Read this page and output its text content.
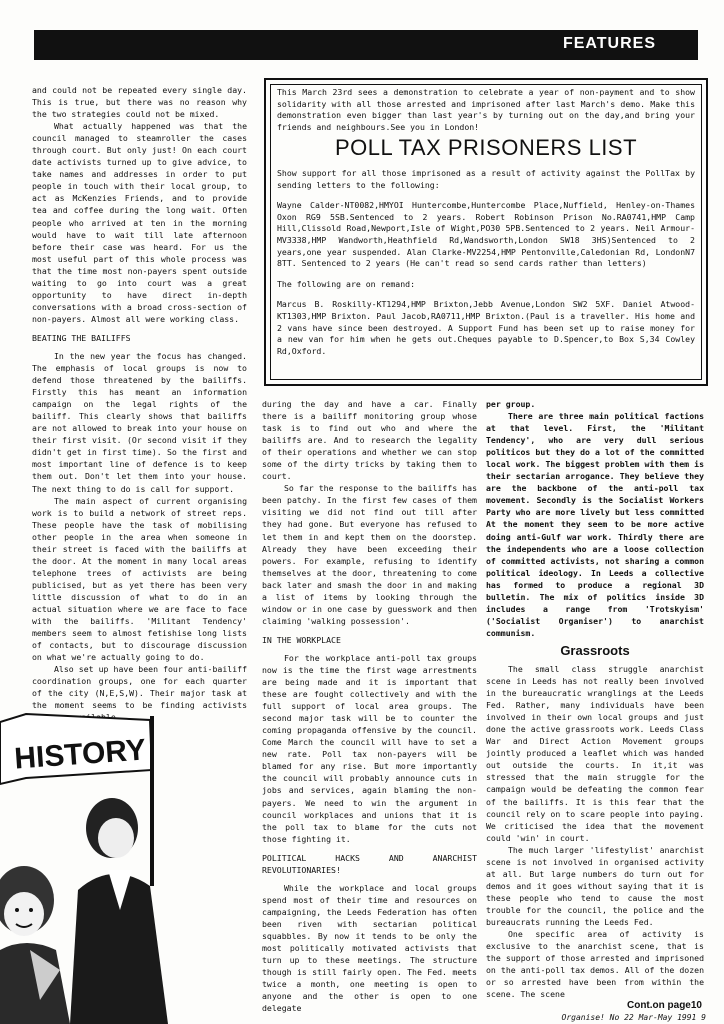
FEATURES

and could not be repeated every single day. This is true, but there was no reason why the two strategies could not be mixed.

What actually happened was that the council managed to steamroller the cases through court. But only just! On each court date activists turned up to give advice, to take names and addresses in order to put people in touch with their local group, to act as McKenzies Friends, and to provide tea and coffee during the long wait. Often people who arrived at ten in the morning would have to wait till late afternoon before their case was heard. For us the most useful part of this whole process was that the time most non-payers spent outside waiting to go into court was a great opportunity to have direct in-depth conversations with a broad cross-section of non-payers. Almost all were working class.

BEATING THE BAILIFFS

In the new year the focus has changed. The emphasis of local groups is now to defend those threatened by the bailiffs. Firstly this has meant an information campaign on the legal rights of the bailiff. This clearly shows that bailiffs are not allowed to break into your house on their first visit. (Or second visit if they didn't get in first time). So the first and most important line of defence is to keep them out. Don't let them into your house. The next thing to do is call for support.

The main aspect of current organising work is to build a network of street reps. These people have the task of mobilising other people in the area when someone in their street is faced with the bailiffs at the door. At the moment in many local areas telephone trees of activists are being publicised, but as yet there has been very little discussion of what to do in an actual situation where we are face to face with the bailiffs. 'Militant Tendency' members seem to almost fetishise long lists of contacts, but to discourage discussion on what we're actually going to do.

Also set up have been four anti-bailiff coordination groups, one for each quarter of the city (N,E,S,W). Their major task at the moment seems to be finding activists

This March 23rd sees a demonstration to celebrate a year of non-payment and to show solidarity with all those arrested and imprisoned after last March's demo. Make this demonstration even bigger than last year's by turning out on the day,and bring your friends and neighbours.See you in London!

POLL TAX PRISONERS LIST

Show support for all those imprisoned as a result of activity against the PollTax by sending letters to the following:

Wayne Calder-NT0082,HMYOI Huntercombe,Huntercombe Place,Nuffield, Henley-on-Thames Oxon RG9 5SB.Sentenced to 2 years. Robert Robinson Prison No.RA0741,HMP Camp Hill,Clissold Road,Newport,Isle of Wight,PO30 5PB.Sentenced to 2 years. Neil Armour-MV3338,HMP Wandworth,Heathfield Rd,Wandsworth,London SW18 3HS)Sentenced to 2 years,one year suspended. Alan Clarke-MV2254,HMP Pentonville,Caledonian Rd, LondonN7 8TT. Sentenced to 2 years (He can't read so send cards rather than letters)

The following are on remand:

Marcus B. Roskilly-KT1294,HMP Brixton,Jebb Avenue,London SW2 5XF. Daniel Atwood-KT1303,HMP Brixton. Paul Jacob,RA0711,HMP Brixton.(Paul is a traveller. His home and 2 vans have since been destroyed. A Support Fund has been set up to raise money for a new van for him when he gets out.Cheques payable to D.Spencer,to Box S,34 Cowley Rd,Oxford.

during the day and have a car. Finally there is a bailiff monitoring group whose task is to find out who and where the bailiffs are. And to research the legality of their operations and whether we can stop some of the dirty tricks by taking them to court.

So far the response to the bailiffs has been patchy. In the first few cases of them visiting we did not find out till after they had gone. But everyone has refused to let them in and kept them on the doorstep. Already they have been exceeding their powers. For example, refusing to identify themselves at the door, threatening to come back later and smash the door in and making a list of items by looking through the window or in one case by guesswork and then claiming 'walking possession'.

IN THE WORKPLACE

For the workplace anti-poll tax groups now is the time the first wage arrestments are being made and it is important that these are fought collectively and with the full support of local area groups. The second major task will be to counter the coming propaganda offensive by the council. Come March the council will have to set a new rate. Poll tax non-payers will be blamed for any rise. But more importantly the council will probably announce cuts in jobs and services, again blaming the non-payers. We need to win the argument in council workplaces and unions that it is the poll tax to blame for the cuts not those fighting it.

POLITICAL HACKS AND ANARCHIST REVOLUTIONARIES!

While the workplace and local groups spend most of their time and resources on campaigning, the Leeds Federation has often been riven with sectarian political squabbles. By now it tends to be only the most politically motivated activists that turn up to these meetings. The structure though is still fairly open. The Fed. meets twice a month, one meeting is open to anyone and the other is open to one delegate

per group.

There are three main political factions at that level. First, the 'Militant Tendency', who are very dull serious politicos but they do a lot of the committed local work. The biggest problem with them is their sectarian arrogance. They believe they are the backbone of the anti-poll tax movement. Secondly is the Socialist Workers Party who are more lively but less committed At the moment they seem to be more active doing anti-Gulf war work. Thirdly there are the independents who are a loose collection of committed activists, not sharing a common political ideology. In Leeds a collective has formed to produce a regional 3D bulletin. The mix of politics inside 3D includes a range from 'Trotskyism' ('Socialist Organiser') to anarchist communism.

Grassroots

The small class struggle anarchist scene in Leeds has not really been involved in the bureaucratic wranglings at the Leeds Fed. Rather, many individuals have been involved in their own local groups and just done the active grassroots work. Leeds Class War and Direct Action Movement groups jointly produced a leaflet which was handed out outside the courts. In it,it was stressed that the main struggle for the campaign would be defeating the common fear of the bailiffs. It is this fear that the council rely on to scare people into paying. We criticised the idea that the movement could 'win' in court.

The much larger 'lifestylist' anarchist scene is not involved in organised activity at all. But large numbers do turn out for demos and it goes without saying that it is these people who tend to cause the most trouble for the council, the police and the bureaucrats running the Leeds Fed.

One specific area of activity is exclusive to the anarchist scene, that is the support of those arrested and imprisoned on the anti-poll tax demos. All of the dozen or so arrested have been from within the scene. The scene

Cont.on page10
Organise! No 22 Mar-May 1991 9
HISTORY
